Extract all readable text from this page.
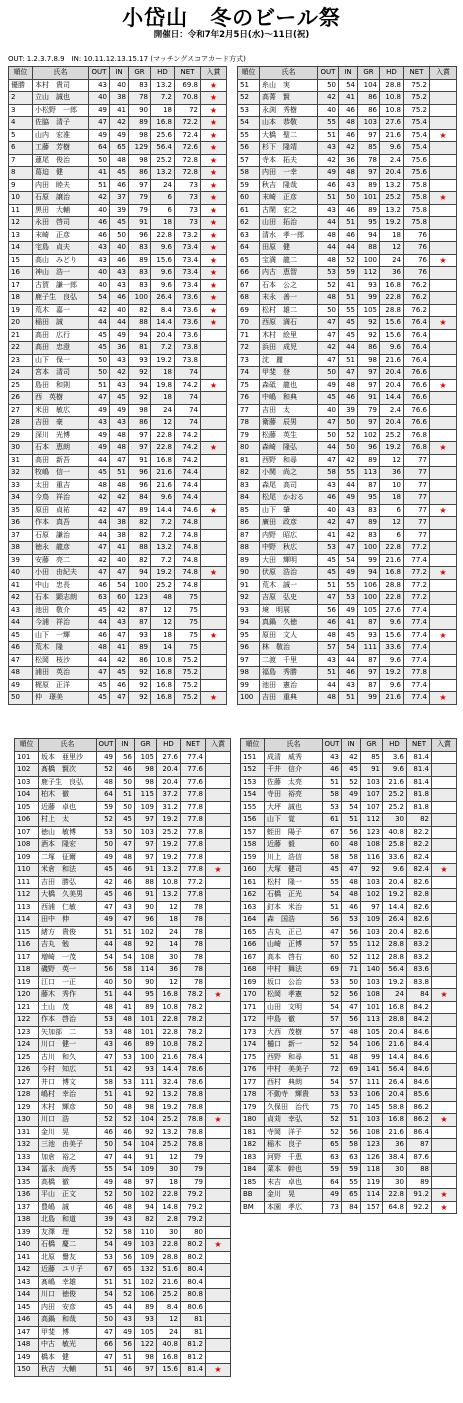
小岱山　冬のビール祭
開催日：令和7年2月5日(水)〜11日(祝)
OUT: 1.2.3.7.8.9　IN: 10.11.12.13.15.17 (マッチングスコアカード方式)
順位	氏名	OUT	IN	GR	HD	NET	入賞
優勝	本村　貴司	43	40	83	13.2	69.8	★
2	立山　誠也	40	38	78	7.2	70.8	★
3	小松野　一郎	49	41	90	18	72	★
4	佐脇　清子	47	42	89	16.8	72.2	★
5	山内　宏准	49	49	98	25.6	72.4	★
6	工藤　芳樹	64	65	129	56.4	72.6	★
7	蓮尾　俊治	50	48	98	25.2	72.8	★
8	葛迫　健	41	45	86	13.2	72.8	★
9	内田　睦夫	51	46	97	24	73	★
10	石原　譲治	42	37	79	6	73	★
11	黒田　大輔	40	39	79	6	73	★
12	永田　啓司	46	45	91	18	73	★
13	末崎　正彦	46	50	96	22.8	73.2	★
14	宅島　貞夫	43	40	83	9.6	73.4	★
15	高山　みどり	43	46	89	15.6	73.4	★
16	神山　浩一	40	43	83	9.6	73.4	★
17	古賀　謙一郎	40	43	83	9.6	73.4	★
18	鹿子生　良弘	54	46	100	26.4	73.6	★
19	荒木　嘉一	42	40	82	8.4	73.6	★
20	稲田　誠	44	44	88	14.4	73.6	★
21	高田　広行	45	49	94	20.4	73.6	
22	高田　忠澄	45	36	81	7.2	73.8	
23	山下　保一	50	43	93	19.2	73.8	
24	宮本　清司	50	42	92	18	74	
25	島田　和則	51	43	94	19.8	74.2	★
26	西　英樹	47	45	92	18	74	
27	米田　敏広	49	49	98	24	74	
28	吉田　豪	43	43	86	12	74	
29	深川　光博	49	48	97	22.8	74.2	
30	石本　恵朗	49	48	97	22.8	74.2	★
31	高田　新吾	44	47	91	16.8	74.2	
32	牧嶋　信一	45	51	96	21.6	74.4	
33	太田　重吉	48	48	96	21.6	74.4	
34	今鳥　祥治	42	42	84	9.6	74.4	
35	原田　貞祐	42	47	89	14.4	74.6	★
36	作本　真吾	44	38	82	7.2	74.8	
37	石原　謙治	44	38	82	7.2	74.8	
38	徳永　龍彦	47	41	88	13.2	74.8	
39	安藤　亮二	42	40	82	7.2	74.8	
40	小田　由紀夫	47	47	94	19.2	74.8	★
41	中山　忠長	46	54	100	25.2	74.8	
42	石本　顕志朗	63	60	123	48	75	
43	池田　敬介	45	42	87	12	75	
44	今浦　祥治	44	43	87	12	75	
45	山下　一輝	46	47	93	18	75	★
46	荒木　隆	48	41	89	14	75	
47	松岡　桜沙	44	42	86	10.8	75.2	
48	浦田　英治	47	45	92	16.8	75.2	
49	梶原　正洋	45	46	92	16.8	75.2	
50	仲　璟美	45	47	92	16.8	75.2	★
順位	氏名	OUT	IN	GR	HD	NET	入賞
51	糸山　実	50	54	104	28.8	75.2	
52	高菁　賢	42	41	86	10.8	75.2	
53	永渕　秀樹	40	46	86	10.8	75.2	
54	山本　恭敬	55	48	103	27.6	75.4	
55	大橋　聖二	51	46	97	21.6	75.4	★
56	杉下　隆靖	43	42	85	9.6	75.4	
57	寺本　拓夫	42	36	78	2.4	75.6	
58	内田　一幸	49	48	97	20.4	75.6	
59	秋吉　隆哉	46	43	89	13.2	75.8	
60	末崎　正彦	51	50	101	25.2	75.8	★
61	古閑　宏之	43	46	89	13.2	75.8	
62	山田　拓治	44	51	95	19.2	75.8	
63	清水　孝一郎	48	46	94	18	76	
64	田原　健	44	44	88	12	76	
65	宝満　龍二	48	52	100	24	76	★
66	内古　恵智	53	59	112	36	76	
67	石本　公之	52	41	93	16.8	76.2	
68	末永　善一	48	51	99	22.8	76.2	
69	松村　雄二	50	55	105	28.8	76.2	
70	西原　満石	47	45	92	15.6	76.4	★
71	木村　絵里	47	45	92	15.6	76.4	
72	浜田　成児	42	44	86	9.6	76.4	
73	沈　麗	47	51	98	21.6	76.4	
74	甲斐　登	50	47	97	20.4	76.6	
75	森砥　龍也	49	48	97	20.4	76.6	★
76	中嶋　和典	45	46	91	14.4	76.6	
77	吉田　太	40	39	79	2.4	76.6	
78	衛藤　辰男	47	50	97	20.4	76.6	
79	松藤　英生	50	52	102	25.2	76.8	
80	森崎　隆弘	44	50	96	19.2	76.8	★
81	西野　和尋	47	42	89	12	77	
82	小関　尚之	58	55	113	36	77	
83	森尾　高司	43	44	87	10	77	
84	松尾　かおる	46	49	95	18	77	
85	山下　肇	40	43	83	6	77	★
86	廣田　政彦	42	47	89	12	77	
87	内野　昭広	41	42	83	6	77	
88	中野　秋広	53	47	100	22.8	77.2	
89	大田　輝明	45	54	99	21.6	77.4	
90	伏原　浩治	45	49	94	16.8	77.2	★
91	荒木　誠一	51	55	106	28.8	77.2	
92	吉原　弘史	47	53	100	22.8	77.2	
93	境　明展	56	49	105	27.6	77.4	
94	真鍋　久徳	46	41	87	9.6	77.4	
95	原田　文人	48	45	93	15.6	77.4	★
96	林　敬治	57	54	111	33.6	77.4	
97	二渡　千里	43	44	87	9.6	77.4	
98	福島　秀勝	51	46	97	19.2	77.8	
99	池田　憲治	44	43	87	9.6	77.4	
100	吉田　重典	48	51	99	21.6	77.4	★
順位	氏名	OUT	IN	GR	HD	NET	入賞
101	坂本　亜里沙	49	56	105	27.6	77.4	
102	髙橋　賢次	52	46	98	20.4	77.6	
103	鹿子生　良弘	48	50	98	20.4	77.6	
104	柏木　徹	64	51	115	37.2	77.8	
105	近藤　卓也	59	50	109	31.2	77.8	
106	村上　太	52	45	97	19.2	77.8	
107	徳山　敏博	53	50	103	25.2	77.8	
108	酒本　隆宏	50	47	97	19.2	77.8	
109	二塚　征爾	49	48	97	19.2	77.8	
110	米倉　和法	45	46	91	13.2	77.8	★
111	吉田　勝弘	42	46	88	10.8	77.2	
112	大橋　久美男	45	46	91	13.2	77.8	
113	西浦　仁敏	47	43	90	12	78	
114	田中　伸	49	47	96	18	78	
115	緒方　貴俊	51	51	102	24	78	
116	吉丸　勉	44	48	92	14	78	
117	増崎　一茂	54	54	108	30	78	
118	磯野　英一	56	58	114	36	78	
119	江口　一正	40	50	90	12	78	
120	藤木　秀作	51	44	95	16.8	78.2	★
121	土山　茂	48	41	89	10.8	78.2	
122	作本　啓治	53	48	101	22.8	78.2	
123	矢加部　二	53	48	101	22.8	78.2	
124	川口　健一	43	46	89	10.8	78.2	
125	古川　和久	47	53	100	21.6	78.4	
126	今村　知広	51	42	93	14.4	78.6	
127	井口　博文	58	53	111	32.4	78.6	
128	嶋村　幸治	51	41	92	13.2	78.8	
129	木村　輝彦	50	48	98	19.2	78.8	
130	川口　浩	52	52	104	25.2	78.8	★
131	金川　晃	46	46	92	13.2	78.8	
132	三池　由美子	50	54	104	25.2	78.8	
133	加倉　裕之	47	44	91	12	79	
134	冨永　尚秀	55	54	109	30	79	
135	高橋　徹	49	48	97	18	79	
136	平山　正文	52	50	102	22.8	79.2	
137	豊嶋　誠	46	48	94	14.8	79.2	
138	北島　和道	39	43	82	2.8	79.2	
139	友澤　理	52	58	110	30	80	
140	石橋　慶二	54	49	103	22.8	80.2	★
141	北原　譽友	53	56	109	28.8	80.2	
142	近藤　ユリ子	67	65	132	51.6	80.4	
143	髙嶋　幸雄	51	51	102	21.6	80.4	
144	川口　徳俊	54	52	106	25.2	80.8	
145	内田　安彦	45	44	89	8.4	80.6	
146	高鍋　和哉	50	43	93	12	81	
147	甲斐　博	47	49	105	24	81	
148	中古　敏光	66	56	122	40.8	81.2	
149	橋本　健	47	51	98	16.8	81.2	
150	秋吉　大輔	51	46	97	15.6	81.4	★
順位	氏名	OUT	IN	GR	HD	NET	入賞
151	成清　威秀	43	42	85	3.6	81.4	
152	千井　信介	46	45	91	9.6	81.4	
153	佐藤　太亮	51	52	103	21.6	81.4	
154	寺田　裕亮	58	49	107	25.2	81.8	
155	大坪　誠也	53	54	107	25.2	81.8	
156	山下　覚	61	51	112	30	82	
157	蛭田　陽子	67	56	123	40.8	82.2	
158	近藤　毅	60	48	108	25.8	82.2	
159	川上　浩信	58	58	116	33.6	82.4	
160	大塚　健司	45	47	92	9.6	82.4	★
161	松村　隆一	55	48	103	20.4	82.6	
162	石橋　正光	54	48	102	19.2	82.8	
163	釘本　米治	51	46	97	14.4	82.6	
164	森　国浩	56	53	109	26.4	82.6	
165	吉丸　正己	47	56	103	20.4	82.6	
166	山崎　正博	57	55	112	28.8	83.2	
167	高本　啓右	60	52	112	28.8	83.2	
168	中村　舞法	69	71	140	56.4	83.6	
169	坂口　公治	53	50	103	19.2	83.8	
170	松岡　孝憲	52	56	108	24	84	★
171	山田　文明	54	47	101	16.8	84.2	
172	中島　徹	57	56	113	28.8	84.2	
173	大西　茂樹	57	48	105	20.4	84.6	
174	樋口　新一	52	54	106	21.6	84.4	
175	西野　和尋	51	48	99	14.4	84.6	
176	中村　美美子	72	69	141	56.4	84.6	
177	西村　典朗	54	57	111	26.4	84.6	
178	不動寺　輝貴	53	53	106	20.4	85.6	
179	久保田　治代	75	70	145	58.8	86.2	
180	貞苅　幸弘	52	51	103	16.8	86.2	★
181	寺岡　洋子	52	56	108	21.6	86.4	
182	稲木　良子	65	58	123	36	87	
183	河野　千恵	63	63	126	38.4	87.6	
184	菜本　幹也	59	59	118	30	88	
185	末吉　卓也	64	55	119	30	89	
BB	金川　晃	49	65	114	22.8	91.2	★
BM	本園　孝広	73	84	157	64.8	92.2	★
